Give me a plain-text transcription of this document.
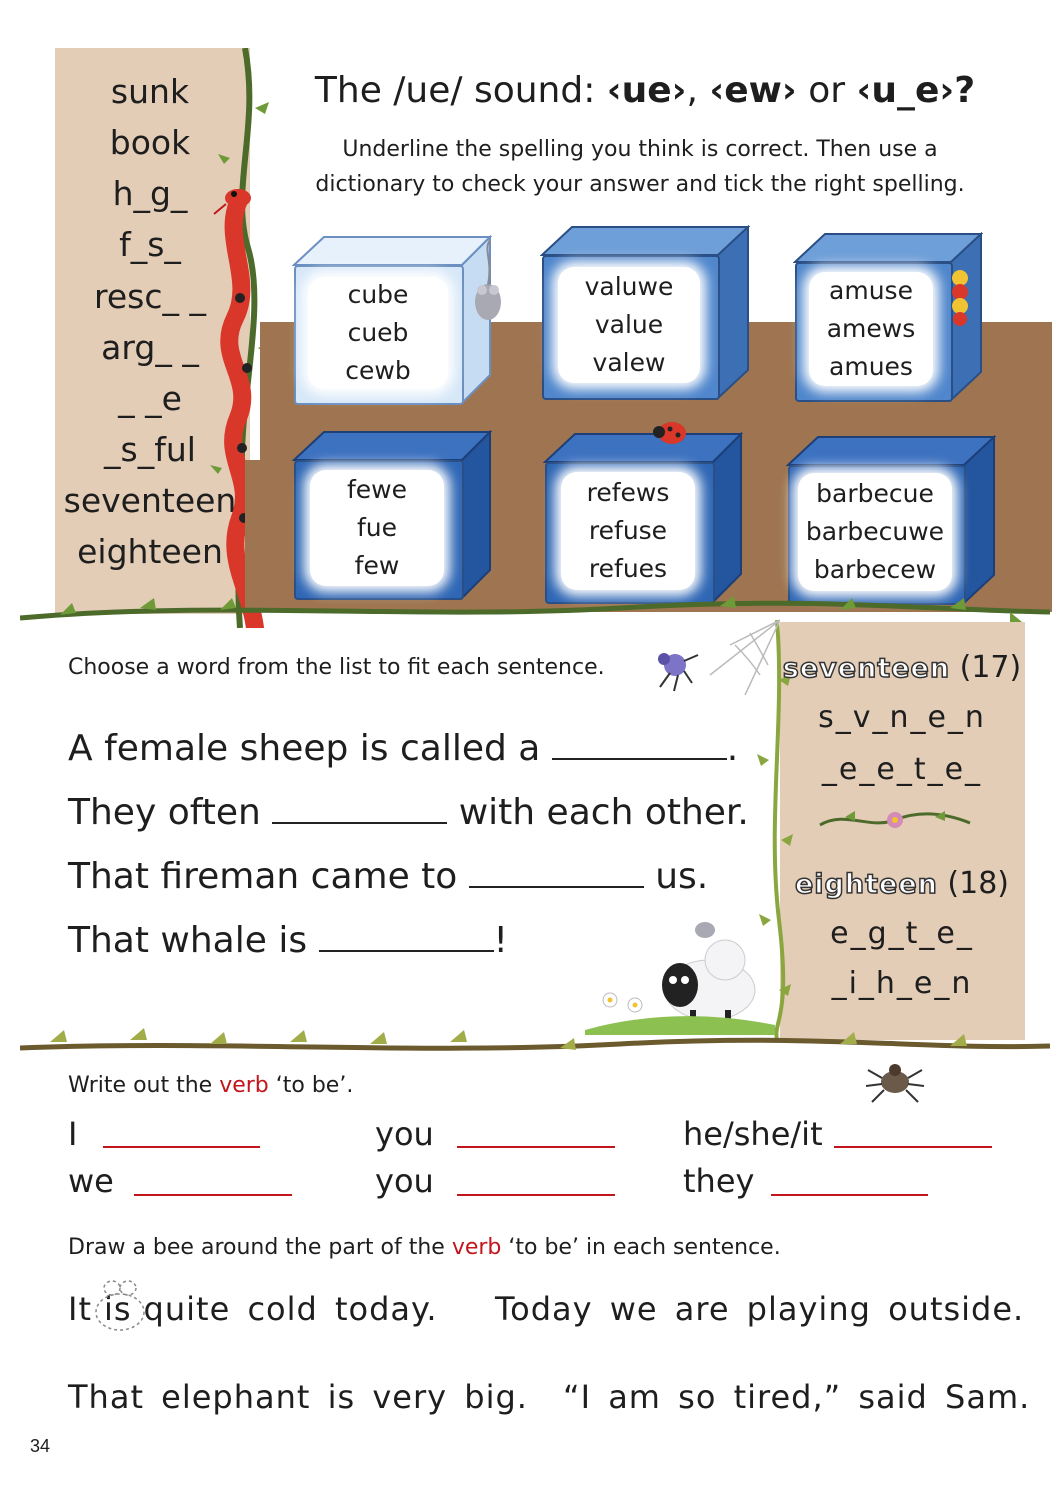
sunk
book
h_g_
f_s_
resc_ _
arg_ _
_ _e
_s_ful
seventeen
eighteen
The /ue/ sound: ‹ue›, ‹ew› or ‹u_e›?
Underline the spelling you think is correct. Then use a
dictionary to check your answer and tick the right spelling.
cube
cueb
cewb
valuwe
value
valew
amuse
amews
amues
fewe
fue
few
refews
refuse
refues
barbecue
barbecuwe
barbecew
seventeen (17)
s_v_n_e_n
_e_e_t_e_
eighteen (18)
e_g_t_e_
_i_h_e_n
Choose a word from the list to fit each sentence.
A female sheep is called a	.
They often	with each other.
That fireman came to	us.
That whale is	!
Write out the verb ‘to be’.
I	you	he/she/it
we	you	they
Draw a bee around the part of the verb ‘to be’ in each sentence.
It is quite cold today. Today we are playing outside.
That elephant is very big. “I am so tired,” said Sam.
34
